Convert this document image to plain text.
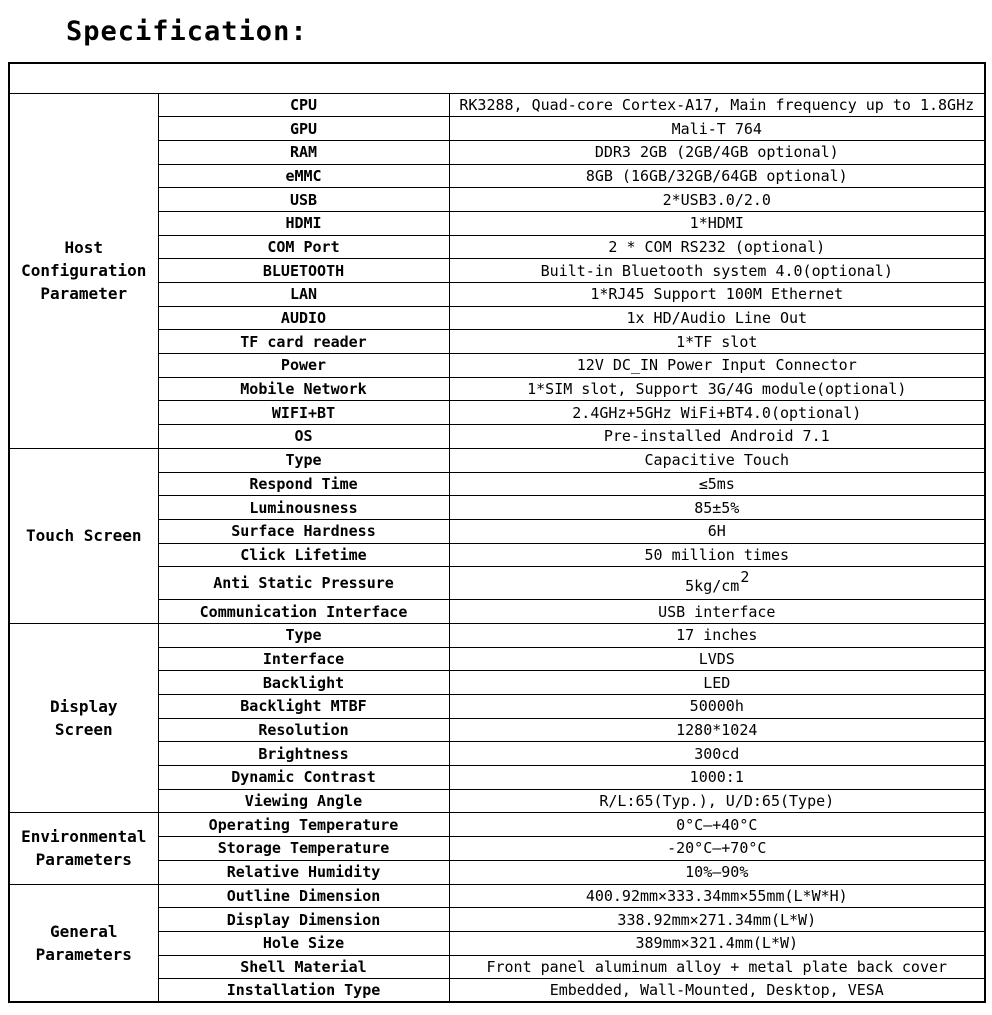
Specification:

Host Configuration Parameter	CPU	RK3288, Quad-core Cortex-A17, Main frequency up to 1.8GHz
	GPU	Mali-T 764
	RAM	DDR3 2GB (2GB/4GB optional)
	eMMC	8GB (16GB/32GB/64GB optional)
	USB	2*USB3.0/2.0
	HDMI	1*HDMI
	COM Port	2 * COM RS232 (optional)
	BLUETOOTH	Built-in Bluetooth system 4.0(optional)
	LAN	1*RJ45 Support 100M Ethernet
	AUDIO	1x HD/Audio Line Out
	TF card reader	1*TF slot
	Power	12V DC_IN Power Input Connector
	Mobile Network	1*SIM slot, Support 3G/4G module(optional)
	WIFI+BT	2.4GHz+5GHz WiFi+BT4.0(optional)
	OS	Pre-installed Android 7.1
Touch Screen	Type	Capacitive Touch
	Respond Time	≤5ms
	Luminousness	85±5%
	Surface Hardness	6H
	Click Lifetime	50 million times
	Anti Static Pressure	$5kg/cm^2$
	Communication Interface	USB interface
Display Screen	Type	17 inches
	Interface	LVDS
	Backlight	LED
	Backlight MTBF	50000h
	Resolution	1280*1024
	Brightness	300cd
	Dynamic Contrast	1000:1
	Viewing Angle	R/L:65(Typ.), U/D:65(Type)
Environmental Parameters	Operating Temperature	0°C—+40°C
	Storage Temperature	-20°C—+70°C
	Relative Humidity	10%—90%
General Parameters	Outline Dimension	400.92mm×333.34mm×55mm(L*W*H)
	Display Dimension	338.92mm×271.34mm(L*W)
	Hole Size	389mm×321.4mm(L*W)
	Shell Material	Front panel aluminum alloy + metal plate back cover
	Installation Type	Embedded, Wall-Mounted, Desktop, VESA
